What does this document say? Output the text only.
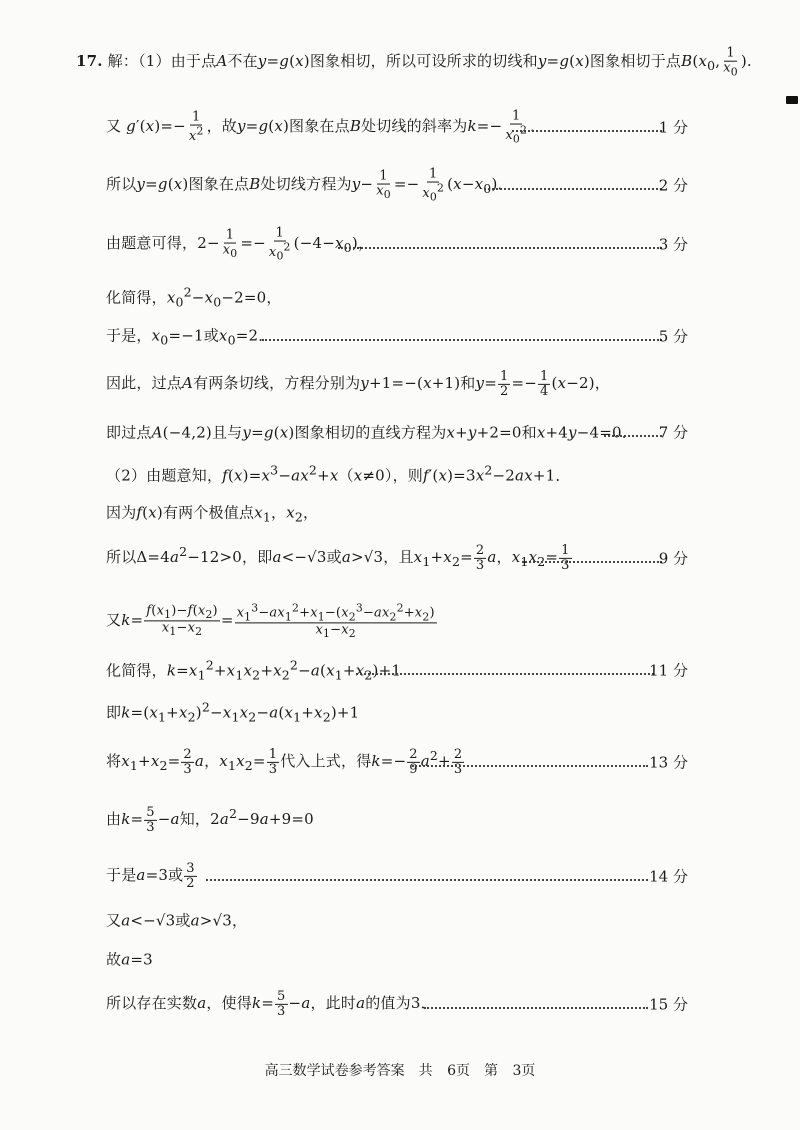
17. 解：（1）由于点A不在y=g(x)图象相切，所以可设所求的切线和y=g(x)图象相切于点$B(x_0$, $\frac{1}{x_0}$ ).
又 $g'(x)=- \frac{1}{x^2}$ ，故y=g(x)图象在点B处切线的斜率为$k=- \frac{1}{x_0^2}$ ．	1 分
所以y=g(x)图象在点B处切线方程为$y- \frac{1}{x_0} =- \frac{1}{x_0^2} (x-x_0)$．	2 分
由题意可得，$2- \frac{1}{x_0} =- \frac{1}{x_0^2} (-4-x_0)$，	3 分
化简得，$x_0^2-x_0-2=0$，
于是，$x_0=-1$或$x_0=2$．	5 分
因此，过点A有两条切线，方程分别为y+1=−(x+1)和$y= \frac{1}{2} =- \frac{1}{4} (x-2)$，
即过点A(−4,2)且与y=g(x)图象相切的直线方程为x+y+2=0和x+4y−4=0． 7 分
（2）由题意知，$f(x)=x^3-ax^2+x(x\ne 0)$，则$f'(x)=3x^2-2ax+1$．
因为f(x)有两个极值点$x_1$，$x_2$，
所以$\Delta=4a^2-12>0$，即a<−√3或a>√3，且$x_1+x_2= \frac{2}{3}$ a，$x_1x_2= \frac{1}{3}$	9 分
又$k= \frac{f(x_1)-f(x_2)}{x_1-x_2} = \frac{x_1^3-ax_1^2+x_1-(x_2^3-ax_2^2+x_2)}{x_1-x_2}$
化简得，$k=x_1^2+x_1x_2+x_2^2-a(x_1+x_2)+1$	11 分
即$k=(x_1+x_2)^2-x_1x_2-a(x_1+x_2)+1$
将$x_1+x_2= \frac{2}{3}$ a，$x_1x_2= \frac{1}{3}$ 代入上式，得$k=- \frac{2}{9} a^2+ \frac{2}{3}$	13 分
由$k= \frac{5}{3} -a$知，$2a^2-9a+9=0$
于是a=3或 $\frac{3}{2}$	14 分
又a<−√3或a>√3，
故a=3
所以存在实数a，使得$k= \frac{5}{3} -a$，此时a的值为3．	15 分
高三数学试卷参考答案　共 6页　第 3页
